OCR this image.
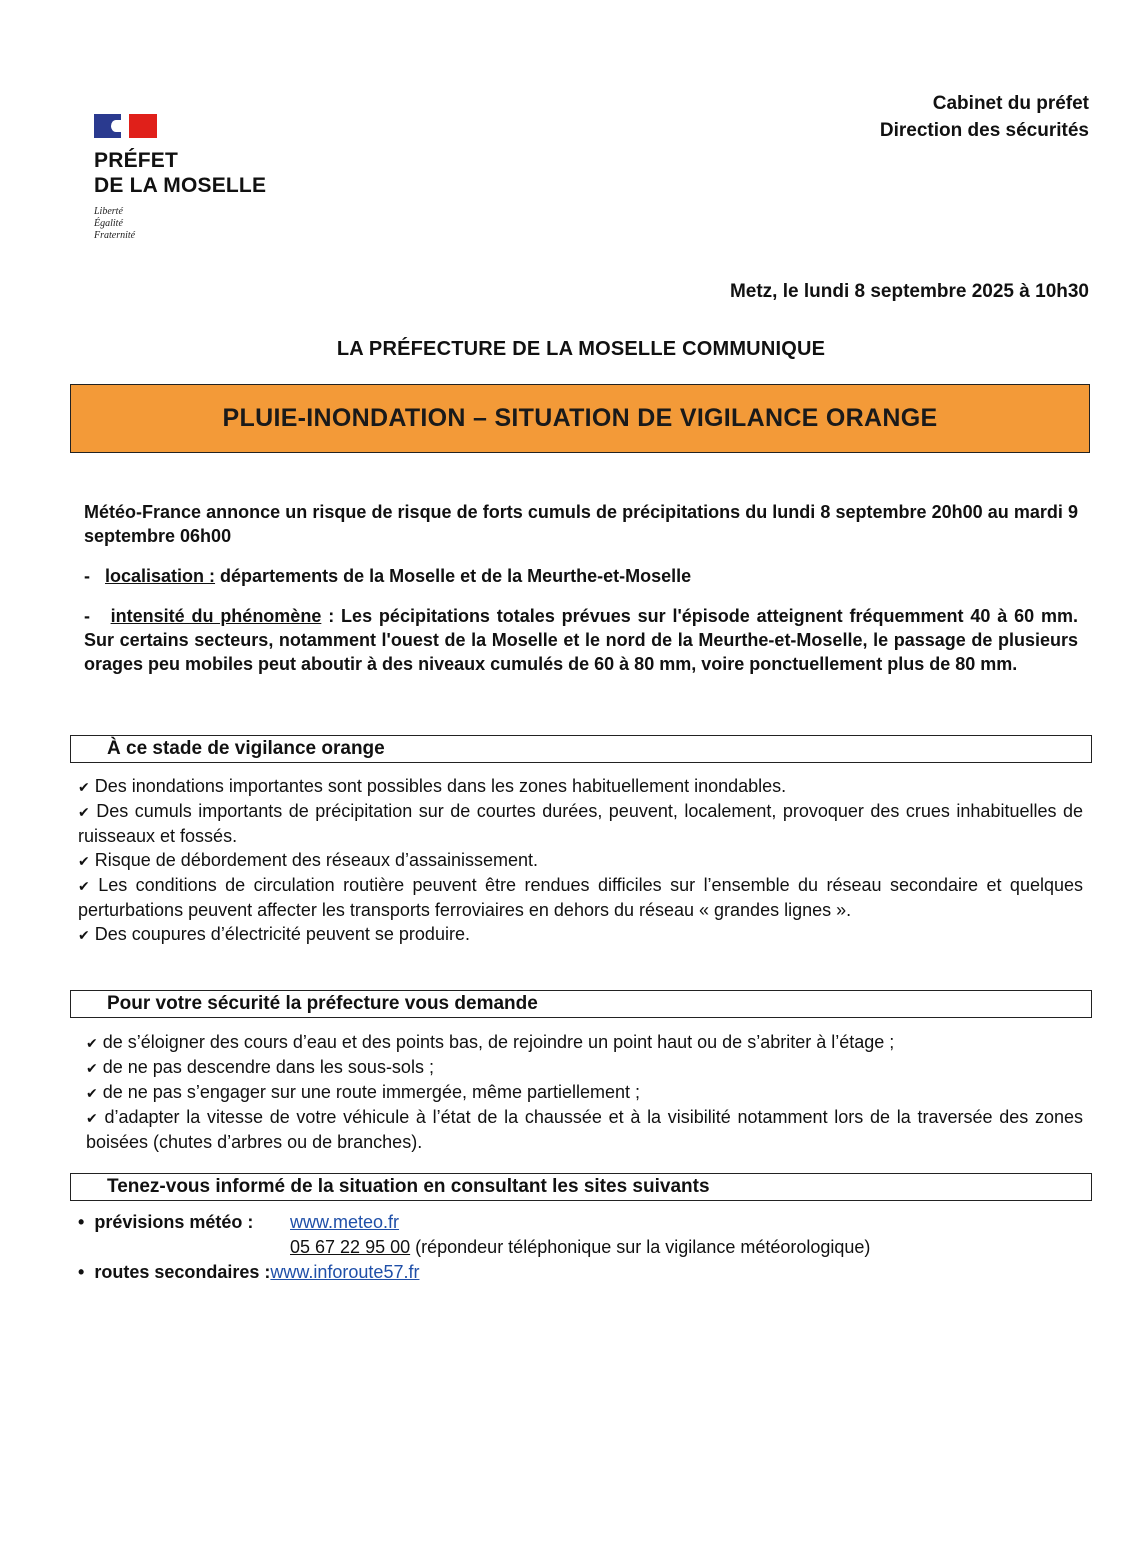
PRÉFET
DE LA MOSELLE
Liberté
Égalité
Fraternité
Cabinet du préfet
Direction des sécurités
Metz, le lundi 8 septembre 2025 à 10h30
LA PRÉFECTURE DE LA MOSELLE COMMUNIQUE
PLUIE-INONDATION – SITUATION DE VIGILANCE ORANGE

Météo-France annonce un risque de risque de forts cumuls de précipitations du lundi 8 septembre 20h00 au mardi 9 septembre 06h00

- localisation : départements de la Moselle et de la Meurthe-et-Moselle

- intensité du phénomène : Les pécipitations totales prévues sur l'épisode atteignent fréquemment 40 à 60 mm. Sur certains secteurs, notamment l'ouest de la Moselle et le nord de la Meurthe-et-Moselle, le passage de plusieurs orages peu mobiles peut aboutir à des niveaux cumulés de 60 à 80 mm, voire ponctuellement plus de 80 mm.

À ce stade de vigilance orange

✔ Des inondations importantes sont possibles dans les zones habituellement inondables.

✔ Des cumuls importants de précipitation sur de courtes durées, peuvent, localement, provoquer des crues inhabituelles de ruisseaux et fossés.

✔ Risque de débordement des réseaux d’assainissement.

✔ Les conditions de circulation routière peuvent être rendues difficiles sur l’ensemble du réseau secondaire et quelques perturbations peuvent affecter les transports ferroviaires en dehors du réseau « grandes lignes ».

✔ Des coupures d’électricité peuvent se produire.

Pour votre sécurité la préfecture vous demande

✔ de s’éloigner des cours d’eau et des points bas, de rejoindre un point haut ou de s’abriter à l’étage ;

✔ de ne pas descendre dans les sous-sols ;

✔ de ne pas s’engager sur une route immergée, même partiellement ;

✔ d’adapter la vitesse de votre véhicule à l’état de la chaussée et à la visibilité notamment lors de la traversée des zones boisées (chutes d’arbres ou de branches).

Tenez-vous informé de la situation en consultant les sites suivants
• prévisions météo :	www.meteo.fr
05 67 22 95 00 (répondeur téléphonique sur la vigilance météorologique)
• routes secondaires : www.inforoute57.fr
